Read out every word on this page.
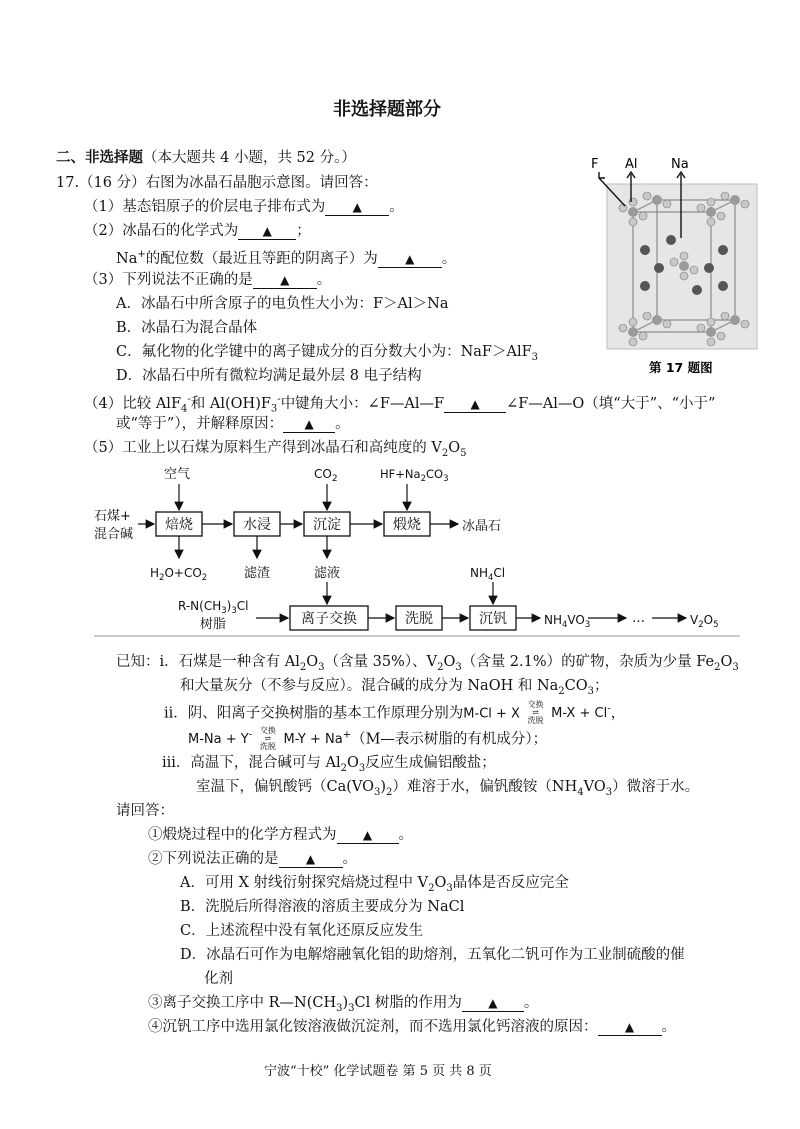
非选择题部分
二、非选择题（本大题共 4 小题，共 52 分。）
17.（16 分）右图为冰晶石晶胞示意图。请回答：
（1）基态铝原子的价层电子排布式为 ▲ 。
（2）冰晶石的化学式为 ▲ ；
Na+的配位数（最近且等距的阴离子）为 ▲ 。
（3）下列说法不正确的是 ▲ 。
A．冰晶石中所含原子的电负性大小为：F＞Al＞Na
B．冰晶石为混合晶体
C．氟化物的化学键中的离子键成分的百分数大小为：NaF＞AlF$_3$
D．冰晶石中所有微粒均满足最外层 8 电子结构
（4）比较 AlF$_4$-和 $Al(OH)F_3^-$中键角大小：∠F—Al—F ▲ ∠F—Al—O（填“大于”、“小于”
或“等于”），并解释原因： ▲ 。
（5）工业上以石煤为原料生产得到冰晶石和高纯度的 $V_2O_5$
F Al	Na
第 17 题图
石煤+
混合碱
空气	$CO_2$	$HF+Na_2CO_3$
冰晶石
$H_2O+CO_2$	滤渣	滤液	$NH_4Cl$
$R-N(CH_3)_3Cl$
树脂	$NH_4VO_3$	…	$V_2O_5$
焙烧	水浸	沉淀	煅烧
离子交换	洗脱	沉钒
已知：i．石煤是一种含有 $Al_2O_3$（含量 35%）、$V_2O_3$（含量 2.1%）的矿物，杂质为少量 $Fe_2O_3$
和大量灰分（不参与反应）。混合碱的成分为 NaOH 和 $Na_2CO_3$；
ii．阴、阳离子交换树脂的基本工作原理分别为M-Cl + X 交换
⇌
洗脱 M-X + Cl-，
M-Na + Y- 交换
⇌
洗脱 M-Y + Na+（M—表示树脂的有机成分）；
iii．高温下，混合碱可与 $Al_2O_3$反应生成偏铝酸盐；
室温下，偏钒酸钙$(Ca(VO_3)_2)$难溶于水，偏钒酸铵$(NH_4VO_3)$微溶于水。
请回答：
①煅烧过程中的化学方程式为 ▲ 。
②下列说法正确的是 ▲ 。
A．可用 X 射线衍射探究焙烧过程中 $V_2O_3$晶体是否反应完全
B．洗脱后所得溶液的溶质主要成分为 NaCl
C．上述流程中没有氧化还原反应发生
D．冰晶石可作为电解熔融氧化铝的助熔剂，五氧化二钒可作为工业制硫酸的催
化剂
③离子交换工序中 $R—N(CH_3)_3Cl$ 树脂的作用为 ▲ 。
④沉钒工序中选用氯化铵溶液做沉淀剂，而不选用氯化钙溶液的原因： ▲ 。
宁波“十校” 化学试题卷 第 5 页 共 8 页
